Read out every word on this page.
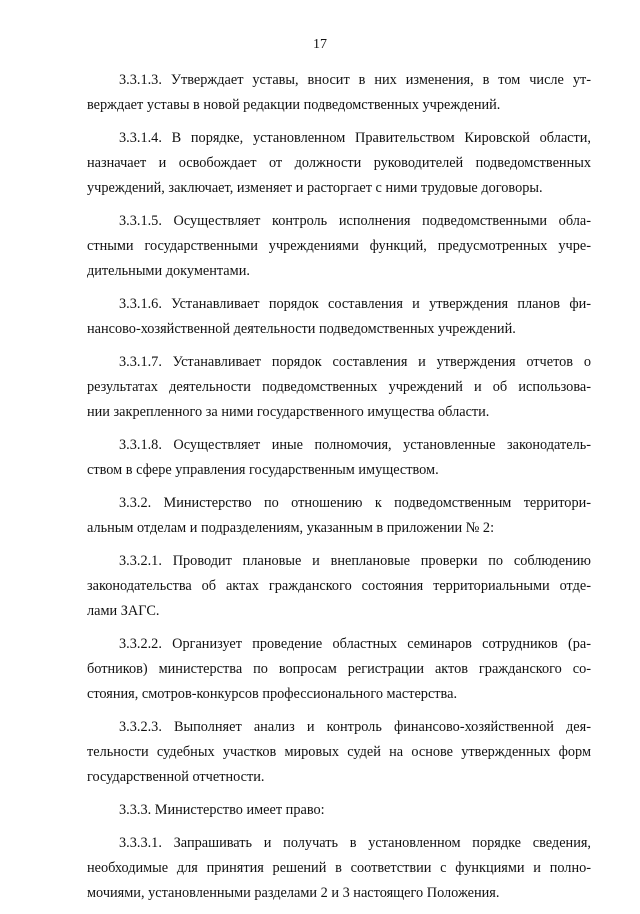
17
3.3.1.3. Утверждает уставы, вносит в них изменения, в том числе ут-
верждает уставы в новой редакции подведомственных учреждений.
3.3.1.4. В порядке, установленном Правительством Кировской области,
назначает и освобождает от должности руководителей подведомственных
учреждений, заключает, изменяет и расторгает с ними трудовые договоры.
3.3.1.5. Осуществляет контроль исполнения подведомственными обла-
стными государственными учреждениями функций, предусмотренных учре-
дительными документами.
3.3.1.6. Устанавливает порядок составления и утверждения планов фи-
нансово-хозяйственной деятельности подведомственных учреждений.
3.3.1.7. Устанавливает порядок составления и утверждения отчетов о
результатах деятельности подведомственных учреждений и об использова-
нии закрепленного за ними государственного имущества области.
3.3.1.8. Осуществляет иные полномочия, установленные законодатель-
ством в сфере управления государственным имуществом.
3.3.2. Министерство по отношению к подведомственным территори-
альным отделам и подразделениям, указанным в приложении № 2:
3.3.2.1. Проводит плановые и внеплановые проверки по соблюдению
законодательства об актах гражданского состояния территориальными отде-
лами ЗАГС.
3.3.2.2. Организует проведение областных семинаров сотрудников (ра-
ботников) министерства по вопросам регистрации актов гражданского со-
стояния, смотров-конкурсов профессионального мастерства.
3.3.2.3. Выполняет анализ и контроль финансово-хозяйственной дея-
тельности судебных участков мировых судей на основе утвержденных форм
государственной отчетности.
3.3.3. Министерство имеет право:
3.3.3.1. Запрашивать и получать в установленном порядке сведения,
необходимые для принятия решений в соответствии с функциями и полно-
мочиями, установленными разделами 2 и 3 настоящего Положения.
